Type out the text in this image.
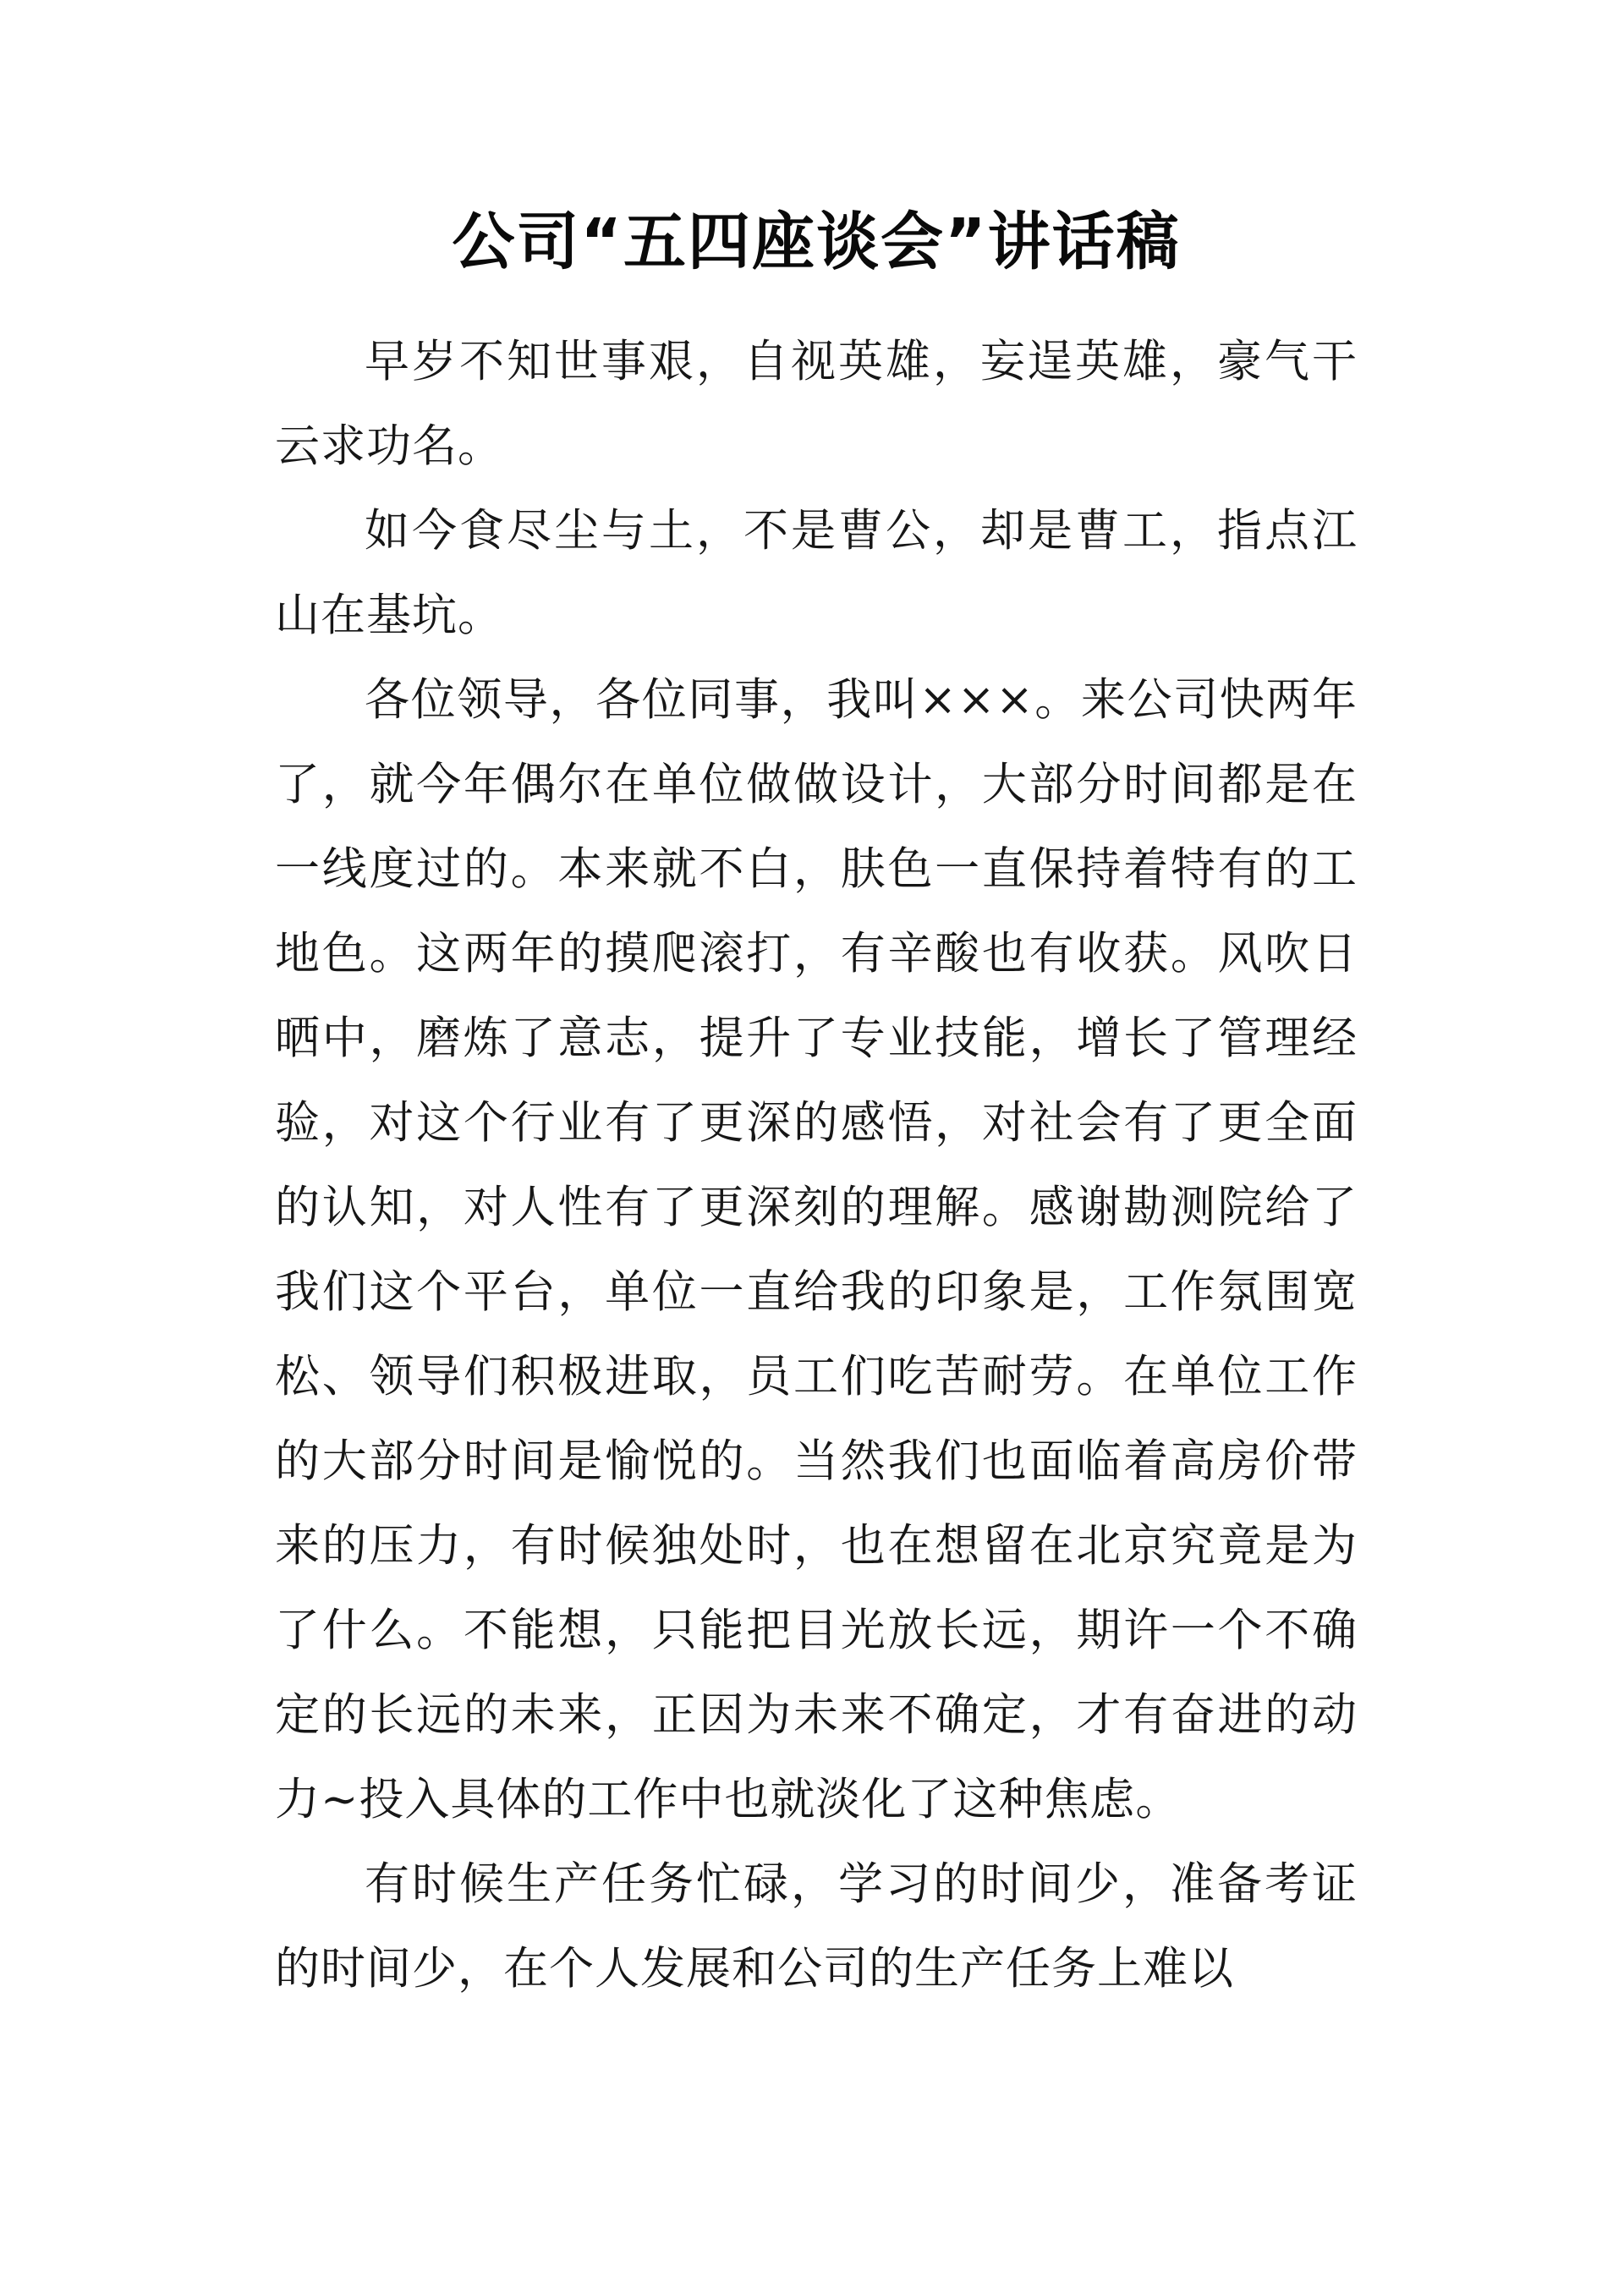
公司“五四座谈会”讲话稿

早岁不知世事艰，自视英雄，妄逞英雄，豪气干云求功名。

如今食尽尘与土，不是曹公，却是曹工，指点江山在基坑。

各位领导，各位同事，我叫×××。来公司快两年了，就今年偶尔在单位做做设计，大部分时间都是在一线度过的。本来就不白，肤色一直保持着特有的工地色。这两年的摸爬滚打，有辛酸也有收获。风吹日晒中，磨炼了意志，提升了专业技能，增长了管理经验，对这个行业有了更深的感悟，对社会有了更全面的认知，对人性有了更深刻的理解。感谢勘测院给了我们这个平台，单位一直给我的印象是，工作氛围宽松、领导们积极进取，员工们吃苦耐劳。在单位工作的大部分时间是愉悦的。当然我们也面临着高房价带来的压力，有时候独处时，也在想留在北京究竟是为了什么。不能想，只能把目光放长远，期许一个不确定的长远的未来，正因为未来不确定，才有奋进的动力~投入具体的工作中也就淡化了这种焦虑。

有时候生产任务忙碌，学习的时间少，准备考证的时间少，在个人发展和公司的生产任务上难以
